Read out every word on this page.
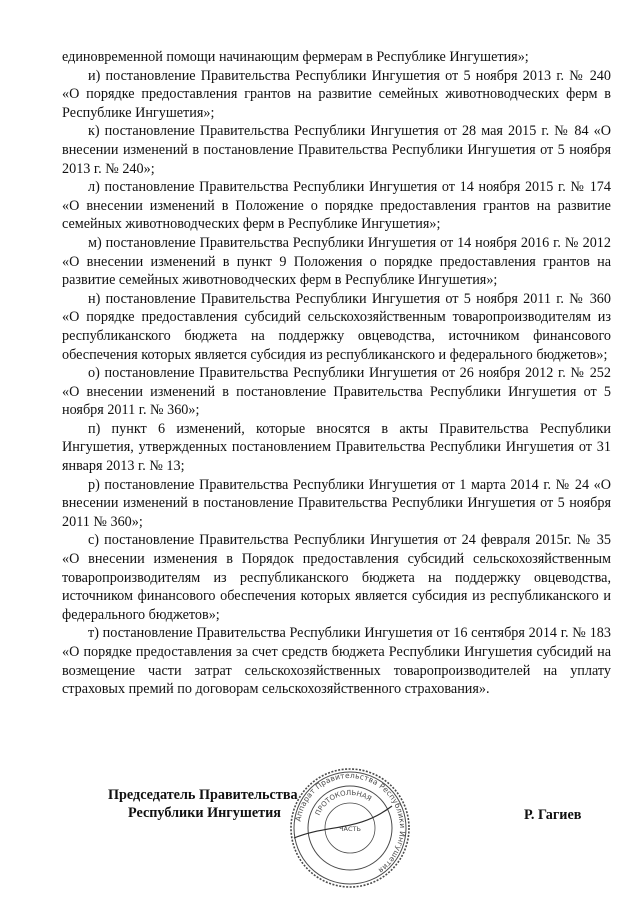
единовременной помощи начинающим фермерам в Республике Ингушетия»;

и) постановление Правительства Республики Ингушетия от 5 ноября 2013 г. № 240 «О порядке предоставления грантов на развитие семейных животноводческих ферм в Республике Ингушетия»;

к) постановление Правительства Республики Ингушетия от 28 мая 2015 г. № 84 «О внесении изменений в постановление Правительства Республики Ингушетия от 5 ноября 2013 г. № 240»;

л) постановление Правительства Республики Ингушетия от 14 ноября 2015 г. № 174 «О внесении изменений в Положение о порядке предоставления грантов на развитие семейных животноводческих ферм в Республике Ингушетия»;

м) постановление Правительства Республики Ингушетия от 14 ноября 2016 г. № 2012 «О внесении изменений в пункт 9 Положения о порядке предоставления грантов на развитие семейных животноводческих ферм в Республике Ингушетия»;

н) постановление Правительства Республики Ингушетия от 5 ноября 2011 г. № 360 «О порядке предоставления субсидий сельскохозяйственным товаропроизводителям из республиканского бюджета на поддержку овцеводства, источником финансового обеспечения которых является субсидия из республиканского и федерального бюджетов»;

о) постановление Правительства Республики Ингушетия от 26 ноября 2012 г. № 252 «О внесении изменений в постановление Правительства Республики Ингушетия от 5 ноября 2011 г. № 360»;

п) пункт 6 изменений, которые вносятся в акты Правительства Республики Ингушетия, утвержденных постановлением Правительства Республики Ингушетия от 31 января 2013 г. № 13;

р) постановление Правительства Республики Ингушетия от 1 марта 2014 г. № 24 «О внесении изменений в постановление Правительства Республики Ингушетия от 5 ноября 2011 № 360»;

с) постановление Правительства Республики Ингушетия от 24 февраля 2015г. № 35 «О внесении изменения в Порядок предоставления субсидий сельскохозяйственным товаропроизводителям из республиканского бюджета на поддержку овцеводства, источником финансового обеспечения которых является субсидия из республиканского и федерального бюджетов»;

т) постановление Правительства Республики Ингушетия от 16 сентября 2014 г. № 183 «О порядке предоставления за счет средств бюджета Республики Ингушетия субсидий на возмещение части затрат сельскохозяйственных товаропроизводителей на уплату страховых премий по договорам сельскохозяйственного страхования».

Председатель Правительства
Республики Ингушетия	Р. Гагиев
Аппарат Правительства Республики Ингушетия
ПРОТОКОЛЬНАЯ
ЧАСТЬ
